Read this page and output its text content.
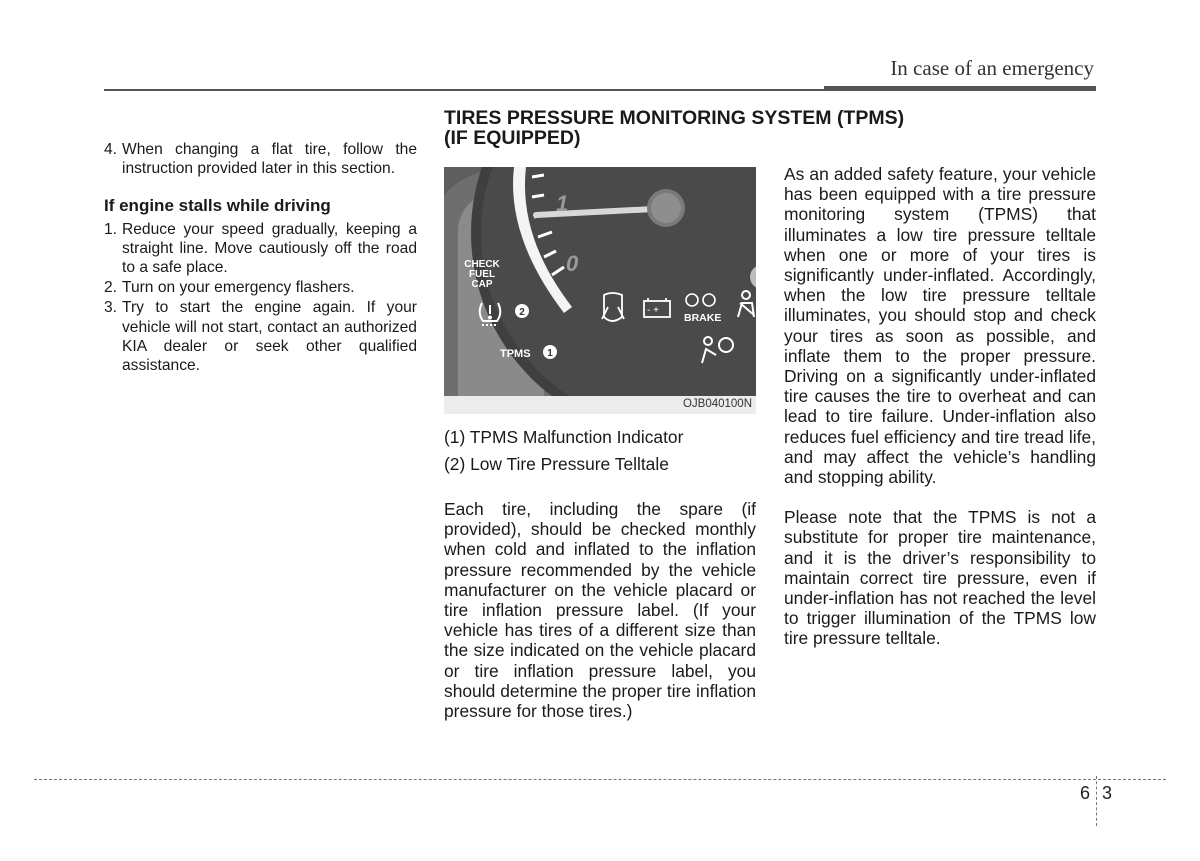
In case of an emergency
4. When changing a flat tire, follow the instruction provided later in this section.
If engine stalls while driving
1. Reduce your speed gradually, keeping a straight line. Move cautiously off the road to a safe place.
2. Turn on your emergency flashers.
3. Try to start the engine again. If your vehicle will not start, contact an authorized KIA dealer or seek other qualified assistance.
TIRES PRESSURE MONITORING SYSTEM (TPMS)
(IF EQUIPPED)
1
0
CHECK
FUEL
CAP
2
TPMS 1
- +
BRAKE
OJB040100N
(1) TPMS Malfunction Indicator
(2) Low Tire Pressure Telltale
Each tire, including the spare (if provided), should be checked monthly when cold and inflated to the inflation pressure recommended by the vehicle manufacturer on the vehicle placard or tire inflation pressure label. (If your vehicle has tires of a different size than the size indicated on the vehicle placard or tire inflation pressure label, you should determine the proper tire inflation pressure for those tires.)

As an added safety feature, your vehicle has been equipped with a tire pressure monitoring system (TPMS) that illuminates a low tire pressure telltale when one or more of your tires is significantly under-inflated. Accordingly, when the low tire pressure telltale illuminates, you should stop and check your tires as soon as possible, and inflate them to the proper pressure. Driving on a significantly under-inflated tire causes the tire to overheat and can lead to tire failure. Under-inflation also reduces fuel efficiency and tire tread life, and may affect the vehicle’s handling and stopping ability.

Please note that the TPMS is not a substitute for proper tire maintenance, and it is the driver’s responsibility to maintain correct tire pressure, even if under-inflation has not reached the level to trigger illumination of the TPMS low tire pressure telltale.

6 3
